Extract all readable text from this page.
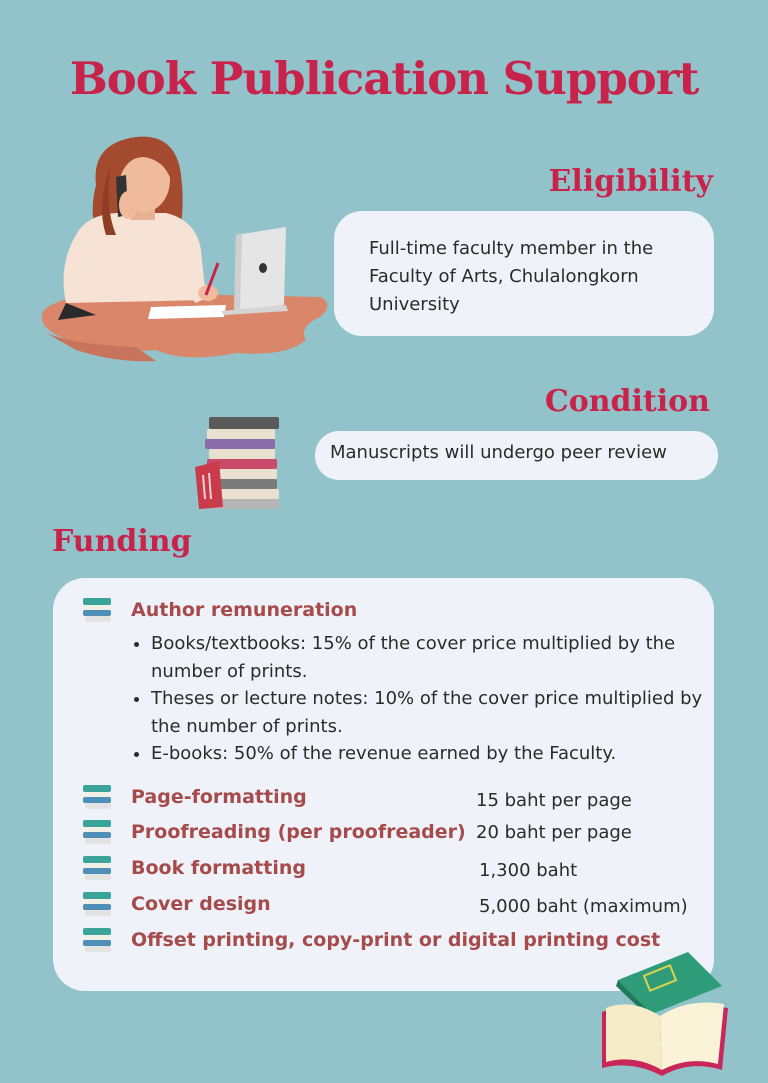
Book Publication Support
Eligibility
Full-time faculty member in the Faculty of Arts, Chulalongkorn University
Condition
Manuscripts will undergo peer review
Funding
Author remuneration
• Books/textbooks: 15% of the cover price multiplied by the number of prints.
• Theses or lecture notes: 10% of the cover price multiplied by the number of prints.
• E-books: 50% of the revenue earned by the Faculty.
Page-formatting	15 baht per page
Proofreading (per proofreader) 20 baht per page
Book formatting	1,300 baht
Cover design	5,000 baht (maximum)
Offset printing, copy-print or digital printing cost
